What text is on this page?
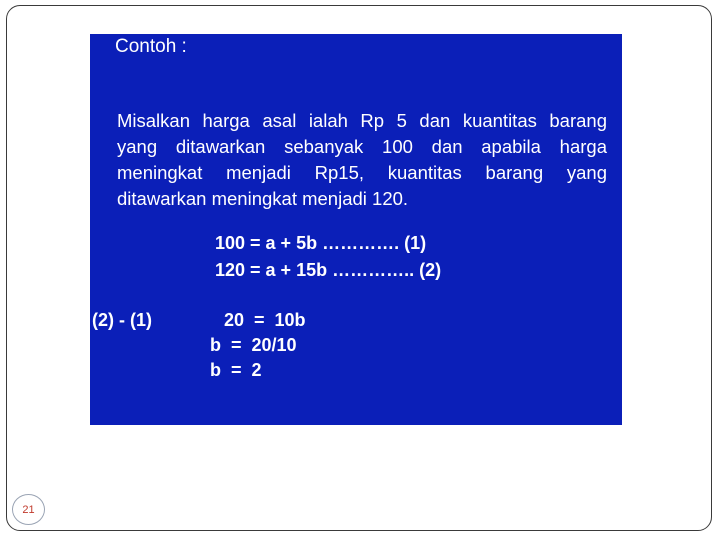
Contoh :

Misalkan harga asal ialah Rp 5 dan kuantitas barang
yang ditawarkan sebanyak 100 dan apabila harga
meningkat menjadi Rp15, kuantitas barang yang
ditawarkan meningkat menjadi 120.

100 = a + 5b …………. (1)

120 = a + 15b ………….. (2)

(2) - (1)	20  =  10b

b  =  20/10

b  =  2

21
